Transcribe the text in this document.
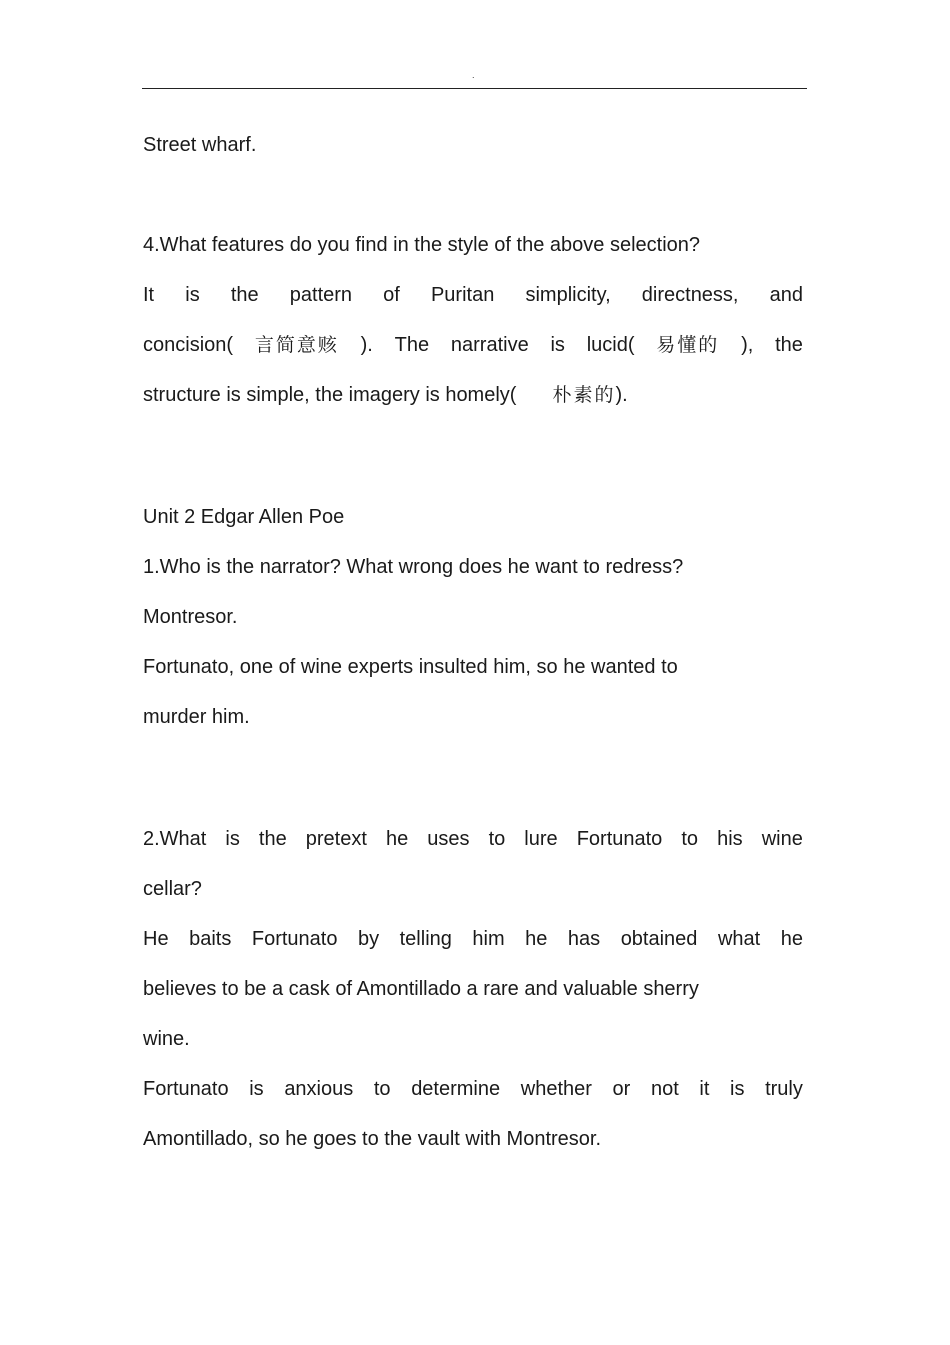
.
Street wharf.
4.What features do you find in the style of the above selection?
It is the pattern of Puritan simplicity, directness, and
concision( 言简意赅 ). The narrative is lucid( 易懂的 ), the
structure is simple, the imagery is homely( 朴素的).
Unit 2 Edgar Allen Poe
1.Who is the narrator? What wrong does he want to redress?
Montresor.
Fortunato, one of wine experts insulted him, so he wanted to
murder him.
2.What is the pretext he uses to lure Fortunato to his wine
cellar?
He baits Fortunato by telling him he has obtained what he
believes to be a cask of Amontillado a rare and valuable sherry
wine.
Fortunato is anxious to determine whether or not it is truly
Amontillado, so he goes to the vault with Montresor.
